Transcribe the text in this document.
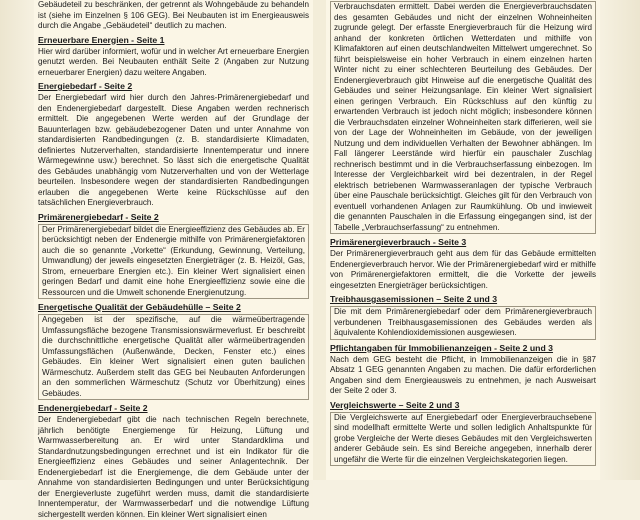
Gebäudeteil zu beschränken, der getrennt als Wohngebäude zu behandeln ist (siehe im Einzelnen § 106 GEG). Bei Neubauten ist im Energieausweis durch die Angabe „Gebäudeteil“ deutlich zu machen.

Erneuerbare Energien - Seite 1

Hier wird darüber informiert, wofür und in welcher Art erneuerbare Energien genutzt werden. Bei Neubauten enthält Seite 2 (Angaben zur Nutzung erneuerbarer Energien) dazu weitere Angaben.

Energiebedarf - Seite 2

Der Energiebedarf wird hier durch den Jahres-Primärenergiebedarf und den Endenergiebedarf dargestellt. Diese Angaben werden rechnerisch ermittelt. Die angegebenen Werte werden auf der Grundlage der Bauunterlagen bzw. gebäudebezogener Daten und unter Annahme von standardisierten Randbedingungen (z. B. standardisierte Klimadaten, definiertes Nutzerverhalten, standardisierte Innentemperatur und innere Wärmegewinne usw.) berechnet. So lässt sich die energetische Qualität des Gebäudes unabhängig vom Nutzerverhalten und von der Wetterlage beurteilen. Insbesondere wegen der standardisierten Randbedingungen erlauben die angegebenen Werte keine Rückschlüsse auf den tatsächlichen Energieverbrauch.

Primärenergiebedarf - Seite 2

Der Primärenergiebedarf bildet die Energieeffizienz des Gebäudes ab. Er berücksichtigt neben der Endenergie mithilfe von Primärenergiefaktoren auch die so genannte „Vorkette“ (Erkundung, Gewinnung, Verteilung, Umwandlung) der jeweils eingesetzten Energieträger (z. B. Heizöl, Gas, Strom, erneuerbare Energien etc.). Ein kleiner Wert signalisiert einen geringen Bedarf und damit eine hohe Energieeffizienz sowie eine die Ressourcen und die Umwelt schonende Energienutzung.

Energetische Qualität der Gebäudehülle – Seite 2

Angegeben ist der spezifische, auf die wärmeübertragende Umfassungsfläche bezogene Transmissionswärmeverlust. Er beschreibt die durchschnittliche energetische Qualität aller wärmeübertragenden Umfassungsflächen (Außenwände, Decken, Fenster etc.) eines Gebäudes. Ein kleiner Wert signalisiert einen guten baulichen Wärmeschutz. Außerdem stellt das GEG bei Neubauten Anforderungen an den sommerlichen Wärmeschutz (Schutz vor Überhitzung) eines Gebäudes.

Endenergiebedarf - Seite 2

Der Endenergiebedarf gibt die nach technischen Regeln berechnete, jährlich benötigte Energiemenge für Heizung, Lüftung und Warmwasserbereitung an. Er wird unter Standardklima und Standardnutzungsbedingungen errechnet und ist ein Indikator für die Energieeffizienz eines Gebäudes und seiner Anlagentechnik. Der Endenergiebedarf ist die Energiemenge, die dem Gebäude unter der Annahme von standardisierten Bedingungen und unter Berücksichtigung der Energieverluste zugeführt werden muss, damit die standardisierte Innentemperatur, der Warmwasserbedarf und die notwendige Lüftung sichergestellt werden können. Ein kleiner Wert signalisiert einen

Verbrauchsdaten ermittelt. Dabei werden die Energieverbrauchsdaten des gesamten Gebäudes und nicht der einzelnen Wohneinheiten zugrunde gelegt. Der erfasste Energieverbrauch für die Heizung wird anhand der konkreten örtlichen Wetterdaten und mithilfe von Klimafaktoren auf einen deutschlandweiten Mittelwert umgerechnet. So führt beispielsweise ein hoher Verbrauch in einem einzelnen harten Winter nicht zu einer schlechteren Beurteilung des Gebäudes. Der Endenergieverbrauch gibt Hinweise auf die energetische Qualität des Gebäudes und seiner Heizungsanlage. Ein kleiner Wert signalisiert einen geringen Verbrauch. Ein Rückschluss auf den künftig zu erwartenden Verbrauch ist jedoch nicht möglich; insbesondere können die Verbrauchsdaten einzelner Wohneinheiten stark differieren, weil sie von der Lage der Wohneinheiten im Gebäude, von der jeweiligen Nutzung und dem individuellen Verhalten der Bewohner abhängen. Im Fall längerer Leerstände wird hierfür ein pauschaler Zuschlag rechnerisch bestimmt und in die Verbrauchserfassung einbezogen. Im Interesse der Vergleichbarkeit wird bei dezentralen, in der Regel elektrisch betriebenen Warmwasseranlagen der typische Verbrauch über eine Pauschale berücksichtigt. Gleiches gilt für den Verbrauch von eventuell vorhandenen Anlagen zur Raumkühlung. Ob und inwieweit die genannten Pauschalen in die Erfassung eingegangen sind, ist der Tabelle „Verbrauchserfassung“ zu entnehmen.

Primärenergieverbrauch - Seite 3

Der Primärenergieverbrauch geht aus dem für das Gebäude ermittelten Endenergieverbrauch hervor. Wie der Primärenergiebedarf wird er mithilfe von Primärenergiefaktoren ermittelt, die die Vorkette der jeweils eingesetzten Energieträger berücksichtigen.

Treibhausgasemissionen – Seite 2 und 3

Die mit dem Primärenergiebedarf oder dem Primärenergieverbrauch verbundenen Treibhausgasemissionen des Gebäudes werden als äquivalente Kohlendioxidemissionen ausgewiesen.

Pflichtangaben für Immobilienanzeigen - Seite 2 und 3

Nach dem GEG besteht die Pflicht, in Immobilienanzeigen die in §87 Absatz 1 GEG genannten Angaben zu machen. Die dafür erforderlichen Angaben sind dem Energieausweis zu entnehmen, je nach Ausweisart der Seite 2 oder 3.

Vergleichswerte – Seite 2 und 3

Die Vergleichswerte auf Energiebedarf oder Energieverbrauchsebene sind modellhaft ermittelte Werte und sollen lediglich Anhaltspunkte für grobe Vergleiche der Werte dieses Gebäudes mit den Vergleichswerten anderer Gebäude sein. Es sind Bereiche angegeben, innerhalb derer ungefähr die Werte für die einzelnen Vergleichskategorien liegen.
